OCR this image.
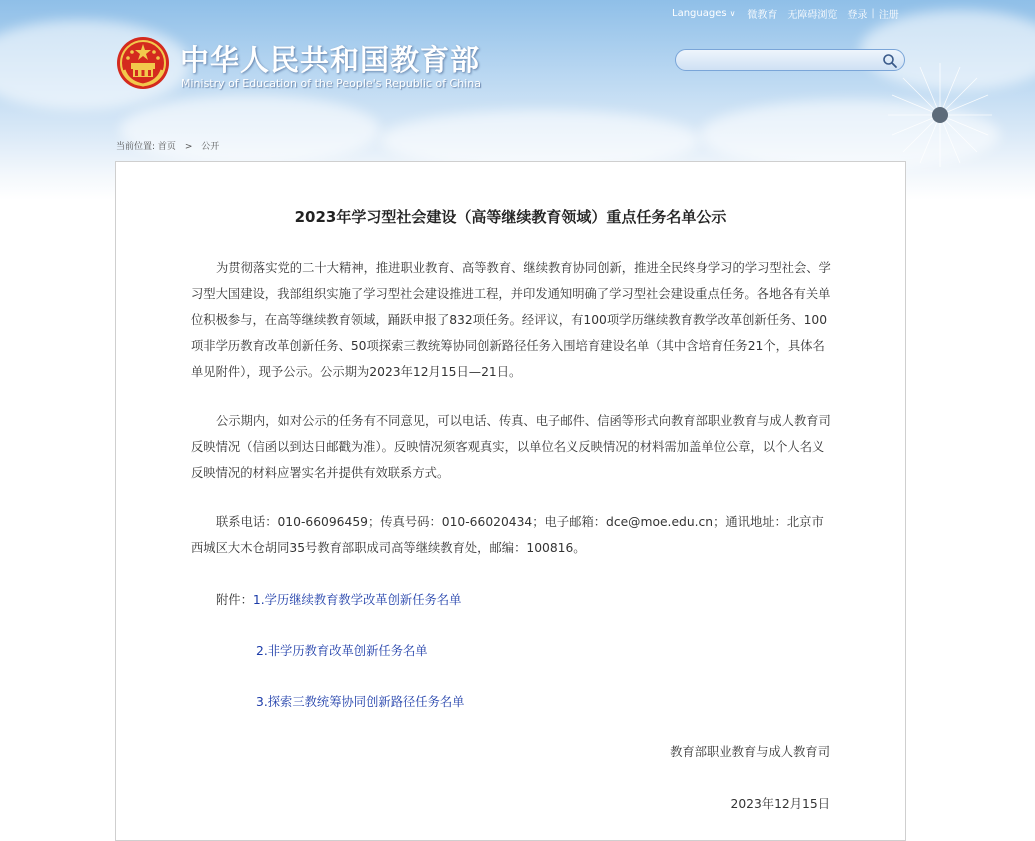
Languages ∨ 微教育 无障碍浏览 登录 | 注册
中华人民共和国教育部
Ministry of Education of the People's Republic of China
当前位置: 首页 > 公开
2023年学习型社会建设（高等继续教育领域）重点任务名单公示

为贯彻落实党的二十大精神，推进职业教育、高等教育、继续教育协同创新，推进全民终身学习的学习型社会、学习型大国建设，我部组织实施了学习型社会建设推进工程，并印发通知明确了学习型社会建设重点任务。各地各有关单位积极参与，在高等继续教育领域，踊跃申报了832项任务。经评议，有100项学历继续教育教学改革创新任务、100项非学历教育改革创新任务、50项探索三教统筹协同创新路径任务入围培育建设名单（其中含培育任务21个，具体名单见附件），现予公示。公示期为2023年12月15日—21日。

公示期内，如对公示的任务有不同意见，可以电话、传真、电子邮件、信函等形式向教育部职业教育与成人教育司反映情况（信函以到达日邮戳为准）。反映情况须客观真实，以单位名义反映情况的材料需加盖单位公章，以个人名义反映情况的材料应署实名并提供有效联系方式。

联系电话：010-66096459；传真号码：010-66020434；电子邮箱：dce@moe.edu.cn；通讯地址：北京市西城区大木仓胡同35号教育部职成司高等继续教育处，邮编：100816。

附件：1.学历继续教育教学改革创新任务名单
2.非学历教育改革创新任务名单
3.探索三教统筹协同创新路径任务名单
教育部职业教育与成人教育司
2023年12月15日
